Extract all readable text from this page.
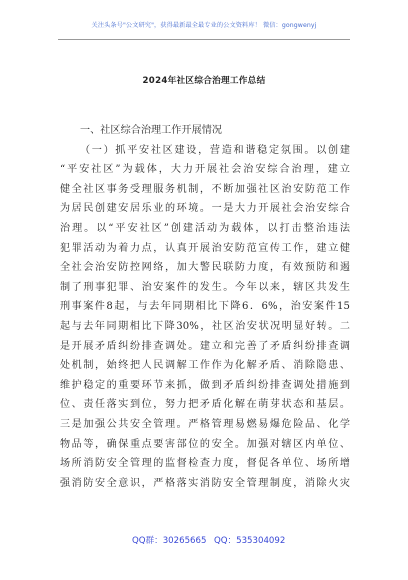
关注头条号"公文研究"，获得最新最全最专业的公文资料库！ 微信：gongwenyj
2024年社区综合治理工作总结
一、社区综合治理工作开展情况
（一）抓平安社区建设，营造和谐稳定氛围。以创建
“平安社区”为载体，大力开展社会治安综合治理，建立
健全社区事务受理服务机制，不断加强社区治安防范工作
为居民创建安居乐业的环境。一是大力开展社会治安综合
治理。以“平安社区”创建活动为载体，以打击整治违法
犯罪活动为着力点，认真开展治安防范宣传工作，建立健
全社会治安防控网络，加大警民联防力度，有效预防和遏
制了刑事犯罪、治安案件的发生。今年以来，辖区共发生
刑事案件8起，与去年同期相比下降6．6%，治安案件15
起与去年同期相比下降30%，社区治安状况明显好转。二
是开展矛盾纠纷排查调处。建立和完善了矛盾纠纷排查调
处机制，始终把人民调解工作作为化解矛盾、消除隐患、
维护稳定的重要环节来抓，做到矛盾纠纷排查调处措施到
位、责任落实到位，努力把矛盾化解在萌芽状态和基层。
三是加强公共安全管理。严格管理易燃易爆危险品、化学
物品等，确保重点要害部位的安全。加强对辖区内单位、
场所消防安全管理的监督检查力度，督促各单位、场所增
强消防安全意识，严格落实消防安全管理制度，消除火灾
QQ群：30265665 QQ：535304092
